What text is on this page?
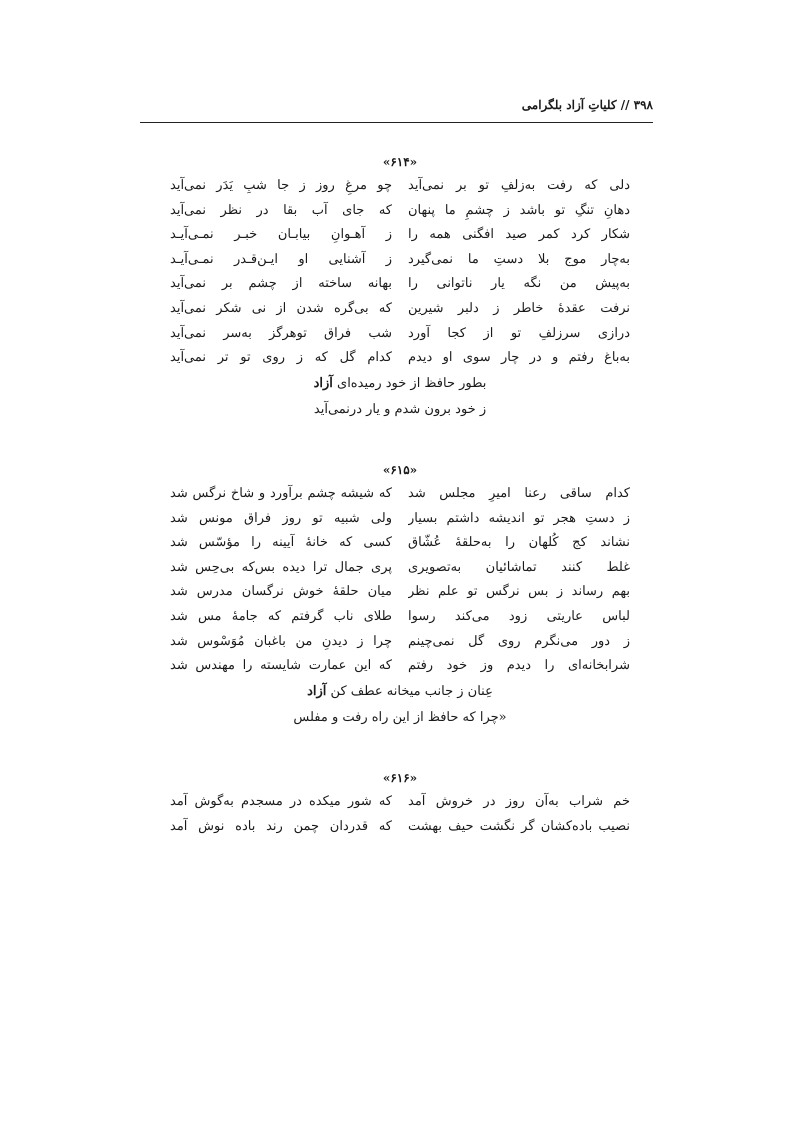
۳۹۸ // کلیاتِ آزاد بلگرامی
«۶۱۴»
دلی که رفت به‌زلفِ تو بر نمی‌آید
چو مرغِ روز ز جا شبِ یَدَر نمی‌آید
دهانِ تنگِ تو باشد ز چشمِ ما پنهان
که جای آب بقا در نظر نمی‌آید
شکار کرد کمر صید افگنی همه را
ز آهـوانِ بیابـان خبـر نمـی‌آیـد
به‌چار موج بلا دستِ ما نمی‌گیرد
ز آشنایی او ایـن‌قـدر نمـی‌آیـد
به‌پیش من نگه یار ناتوانی را
بهانه ساخته از چشم بر نمی‌آید
نرفت عقدهٔ خاطر ز دلبر شیرین
که بی‌گره شدن از نی شکر نمی‌آید
درازی سرزلفِ تو از کجا آورد
شب فراق توهرگز به‌سر نمی‌آید
به‌باغ رفتم و در چار سوی او دیدم
کدام گل که ز روی تو تر نمی‌آید
بطور حافظ از خود رمیده‌ای آزاد
ز خود برون شدم و یار درنمی‌آید
«۶۱۵»
کدام ساقی رعنا امیرِ مجلس شد
که شیشه چشم برآورد و شاخ نرگس شد
ز دستِ هجر تو اندیشه داشتم بسیار
ولی شبیه تو روز فراق مونس شد
نشاند کج کُلهان را به‌حلقهٔ عُشّاق
کسی که خانهٔ آیینه را مؤسّس شد
غلط کنند تماشائیان به‌تصویری
پری جمال ترا دیده بس‌که بی‌حِس شد
بهم رساند ز بس نرگس تو علم نظر
میان حلقهٔ خوش نرگسان مدرس شد
لباس عاریتی زود می‌کند رسوا
طلای ناب گرفتم که جامهٔ مس شد
ز دور می‌نگرم روی گل نمی‌چینم
چرا ز دیدنِ من باغبان مُوَسْوس شد
شرابخانه‌ای را دیدم وز خود رفتم
که این عمارت شایسته را مهندس شد
عِنان ز جانب میخانه عطف کن آزاد
«چرا که حافظ از این راه رفت و مفلس
«۶۱۶»
خم شراب به‌آن روز در خروش آمد
که شور میکده در مسجدم به‌گوش آمد
نصیب باده‌کشان گر نگشت حیف بهشت
که قدردان چمن رند باده نوش آمد
